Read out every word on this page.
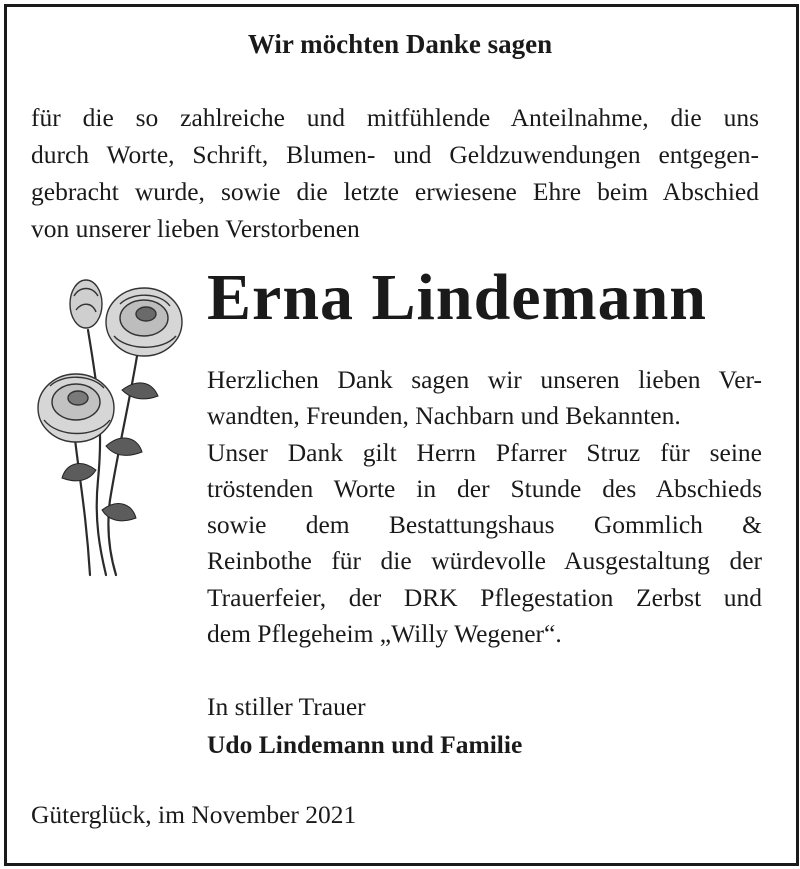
Wir möchten Danke sagen
für die so zahlreiche und mitfühlende Anteilnahme, die uns
durch Worte, Schrift, Blumen- und Geldzuwendungen entgegen-
gebracht wurde, sowie die letzte erwiesene Ehre beim Abschied
von unserer lieben Verstorbenen
Erna Lindemann
Herzlichen Dank sagen wir unseren lieben Ver-
wandten, Freunden, Nachbarn und Bekannten.
Unser Dank gilt Herrn Pfarrer Struz für seine
tröstenden Worte in der Stunde des Abschieds
sowie dem Bestattungshaus Gommlich &
Reinbothe für die würdevolle Ausgestaltung der
Trauerfeier, der DRK Pflegestation Zerbst und
dem Pflegeheim „Willy Wegener“.
In stiller Trauer
Udo Lindemann und Familie
Güterglück, im November 2021
